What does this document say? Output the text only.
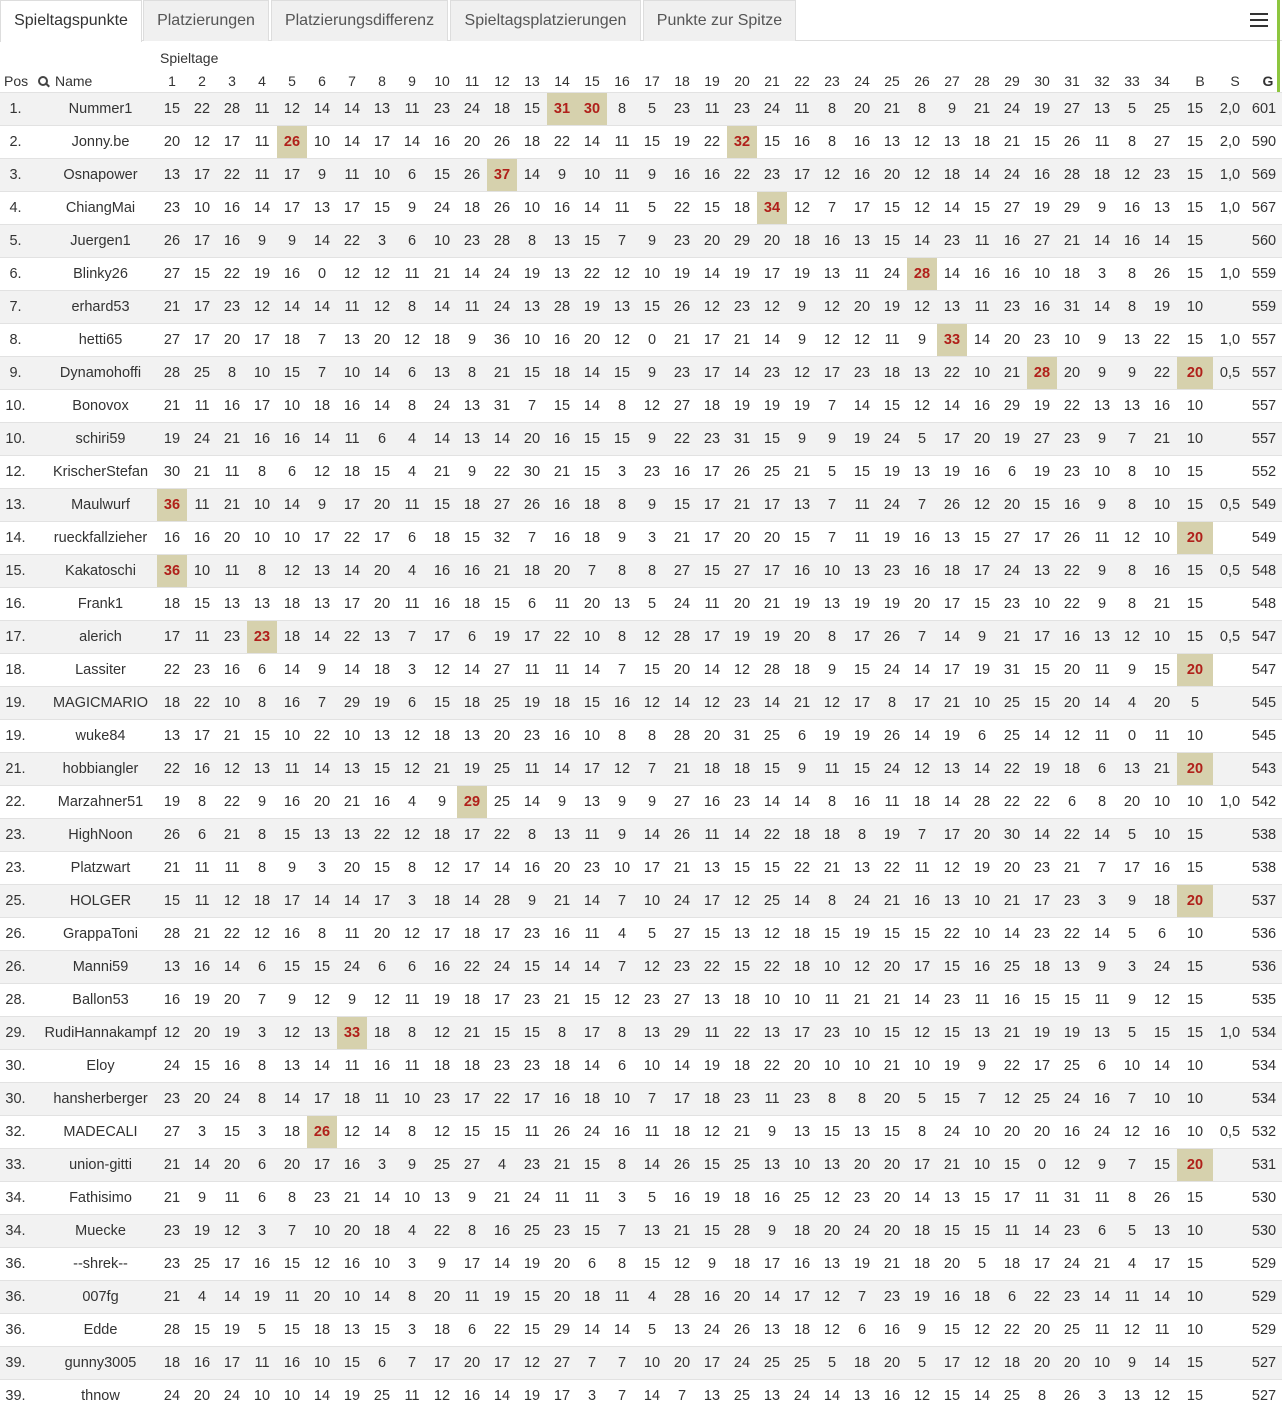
Spieltagspunkte	Platzierungen	Platzierungsdifferenz	Spieltagsplatzierungen	Punkte zur Spitze
Spieltage
Pos	Name	1	2	3	4	5	6	7	8	9	10	11	12	13	14	15	16	17	18	19	20	21	22	23	24	25	26	27	28	29	30	31	32	33	34	B	S	G
1.	Nummer1	15	22	28	11	12	14	14	13	11	23	24	18	15	31	30	8	5	23	11	23	24	11	8	20	21	8	9	21	24	19	27	13	5	25	15	2,0	601
2.	Jonny.be	20	12	17	11	26	10	14	17	14	16	20	26	18	22	14	11	15	19	22	32	15	16	8	16	13	12	13	18	21	15	26	11	8	27	15	2,0	590
3.	Osnapower	13	17	22	11	17	9	11	10	6	15	26	37	14	9	10	11	9	16	16	22	23	17	12	16	20	12	18	14	24	16	28	18	12	23	15	1,0	569
4.	ChiangMai	23	10	16	14	17	13	17	15	9	24	18	26	10	16	14	11	5	22	15	18	34	12	7	17	15	12	14	15	27	19	29	9	16	13	15	1,0	567
5.	Juergen1	26	17	16	9	9	14	22	3	6	10	23	28	8	13	15	7	9	23	20	29	20	18	16	13	15	14	23	11	16	27	21	14	16	14	15		560
6.	Blinky26	27	15	22	19	16	0	12	12	11	21	14	24	19	13	22	12	10	19	14	19	17	19	13	11	24	28	14	16	16	10	18	3	8	26	15	1,0	559
7.	erhard53	21	17	23	12	14	14	11	12	8	14	11	24	13	28	19	13	15	26	12	23	12	9	12	20	19	12	13	11	23	16	31	14	8	19	10		559
8.	hetti65	27	17	20	17	18	7	13	20	12	18	9	36	10	16	20	12	0	21	17	21	14	9	12	12	11	9	33	14	20	23	10	9	13	22	15	1,0	557
9.	Dynamohoffi	28	25	8	10	15	7	10	14	6	13	8	21	15	18	14	15	9	23	17	14	23	12	17	23	18	13	22	10	21	28	20	9	9	22	20	0,5	557
10.	Bonovox	21	11	16	17	10	18	16	14	8	24	13	31	7	15	14	8	12	27	18	19	19	19	7	14	15	12	14	16	29	19	22	13	13	16	10		557
10.	schiri59	19	24	21	16	16	14	11	6	4	14	13	14	20	16	15	15	9	22	23	31	15	9	9	19	24	5	17	20	19	27	23	9	7	21	10		557
12.	KrischerStefan	30	21	11	8	6	12	18	15	4	21	9	22	30	21	15	3	23	16	17	26	25	21	5	15	19	13	19	16	6	19	23	10	8	10	15		552
13.	Maulwurf	36	11	21	10	14	9	17	20	11	15	18	27	26	16	18	8	9	15	17	21	17	13	7	11	24	7	26	12	20	15	16	9	8	10	15	0,5	549
14.	rueckfallzieher	16	16	20	10	10	17	22	17	6	18	15	32	7	16	18	9	3	21	17	20	20	15	7	11	19	16	13	15	27	17	26	11	12	10	20		549
15.	Kakatoschi	36	10	11	8	12	13	14	20	4	16	16	21	18	20	7	8	8	27	15	27	17	16	10	13	23	16	18	17	24	13	22	9	8	16	15	0,5	548
16.	Frank1	18	15	13	13	18	13	17	20	11	16	18	15	6	11	20	13	5	24	11	20	21	19	13	19	19	20	17	15	23	10	22	9	8	21	15		548
17.	alerich	17	11	23	23	18	14	22	13	7	17	6	19	17	22	10	8	12	28	17	19	19	20	8	17	26	7	14	9	21	17	16	13	12	10	15	0,5	547
18.	Lassiter	22	23	16	6	14	9	14	18	3	12	14	27	11	11	14	7	15	20	14	12	28	18	9	15	24	14	17	19	31	15	20	11	9	15	20		547
19.	MAGICMARIO	18	22	10	8	16	7	29	19	6	15	18	25	19	18	15	16	12	14	12	23	14	21	12	17	8	17	21	10	25	15	20	14	4	20	5		545
19.	wuke84	13	17	21	15	10	22	10	13	12	18	13	20	23	16	10	8	8	28	20	31	25	6	19	19	26	14	19	6	25	14	12	11	0	11	10		545
21.	hobbiangler	22	16	12	13	11	14	13	15	12	21	19	25	11	14	17	12	7	21	18	18	15	9	11	15	24	12	13	14	22	19	18	6	13	21	20		543
22.	Marzahner51	19	8	22	9	16	20	21	16	4	9	29	25	14	9	13	9	9	27	16	23	14	14	8	16	11	18	14	28	22	22	6	8	20	10	10	1,0	542
23.	HighNoon	26	6	21	8	15	13	13	22	12	18	17	22	8	13	11	9	14	26	11	14	22	18	18	8	19	7	17	20	30	14	22	14	5	10	15		538
23.	Platzwart	21	11	11	8	9	3	20	15	8	12	17	14	16	20	23	10	17	21	13	15	15	22	21	13	22	11	12	19	20	23	21	7	17	16	15		538
25.	HOLGER	15	11	12	18	17	14	14	17	3	18	14	28	9	21	14	7	10	24	17	12	25	14	8	24	21	16	13	10	21	17	23	3	9	18	20		537
26.	GrappaToni	28	21	22	12	16	8	11	20	12	17	18	17	23	16	11	4	5	27	15	13	12	18	15	19	15	15	22	10	14	23	22	14	5	6	10		536
26.	Manni59	13	16	14	6	15	15	24	6	6	16	22	24	15	14	14	7	12	23	22	15	22	18	10	12	20	17	15	16	25	18	13	9	3	24	15		536
28.	Ballon53	16	19	20	7	9	12	9	12	11	19	18	17	23	21	15	12	23	27	13	18	10	10	11	21	21	14	23	11	16	15	15	11	9	12	15		535
29.	RudiHannakampf	12	20	19	3	12	13	33	18	8	12	21	15	15	8	17	8	13	29	11	22	13	17	23	10	15	12	15	13	21	19	19	13	5	15	15	1,0	534
30.	Eloy	24	15	16	8	13	14	11	16	11	18	18	23	23	18	14	6	10	14	19	18	22	20	10	10	21	10	19	9	22	17	25	6	10	14	10		534
30.	hansherberger	23	20	24	8	14	17	18	11	10	23	17	22	17	16	18	10	7	17	18	23	11	23	8	8	20	5	15	7	12	25	24	16	7	10	10		534
32.	MADECALI	27	3	15	3	18	26	12	14	8	12	15	15	11	26	24	16	11	18	12	21	9	13	15	13	15	8	24	10	20	20	16	24	12	16	10	0,5	532
33.	union-gitti	21	14	20	6	20	17	16	3	9	25	27	4	23	21	15	8	14	26	15	25	13	10	13	20	20	17	21	10	15	0	12	9	7	15	20		531
34.	Fathisimo	21	9	11	6	8	23	21	14	10	13	9	21	24	11	11	3	5	16	19	18	16	25	12	23	20	14	13	15	17	11	31	11	8	26	15		530
34.	Muecke	23	19	12	3	7	10	20	18	4	22	8	16	25	23	15	7	13	21	15	28	9	18	20	24	20	18	15	15	11	14	23	6	5	13	10		530
36.	--shrek--	23	25	17	16	15	12	16	10	3	9	17	14	19	20	6	8	15	12	9	18	17	16	13	19	21	18	20	5	18	17	24	21	4	17	15		529
36.	007fg	21	4	14	19	11	20	10	14	8	20	11	19	15	20	18	11	4	28	16	20	14	17	12	7	23	19	16	18	6	22	23	14	11	14	10		529
36.	Edde	28	15	19	5	15	18	13	15	3	18	6	22	15	29	14	14	5	13	24	26	13	18	12	6	16	9	15	12	22	20	25	11	12	11	10		529
39.	gunny3005	18	16	17	11	16	10	15	6	7	17	20	17	12	27	7	7	10	20	17	24	25	25	5	18	20	5	17	12	18	20	20	10	9	14	15		527
39.	thnow	24	20	24	10	10	14	19	25	11	12	16	14	19	17	3	7	14	7	13	25	13	24	14	13	16	12	15	14	25	8	26	3	13	12	15		527
